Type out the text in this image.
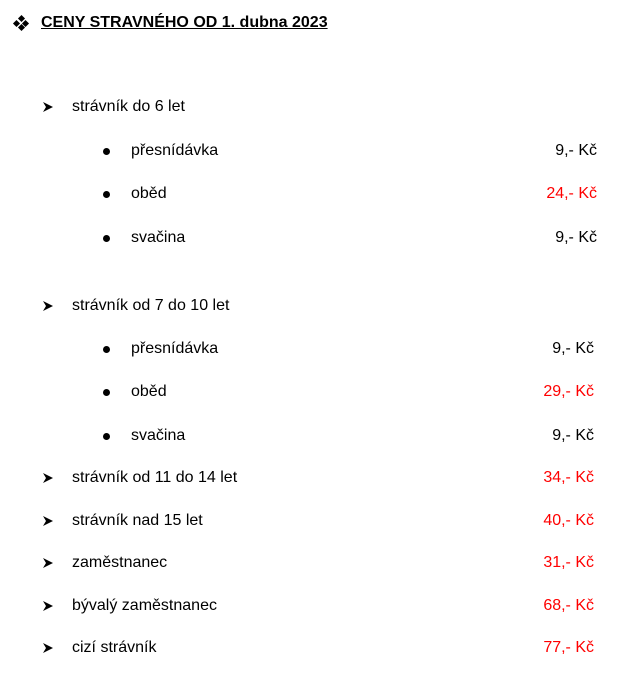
CENY STRAVNÉHO OD 1. dubna 2023
strávník do 6 let
přesnídávka	9,- Kč
oběd	24,- Kč
svačina	9,- Kč
strávník od 7 do 10 let
přesnídávka	9,- Kč
oběd	29,- Kč
svačina	9,- Kč
strávník od 11 do 14 let	34,- Kč
strávník nad 15 let	40,- Kč
zaměstnanec	31,- Kč
bývalý zaměstnanec	68,- Kč
cizí strávník	77,- Kč
